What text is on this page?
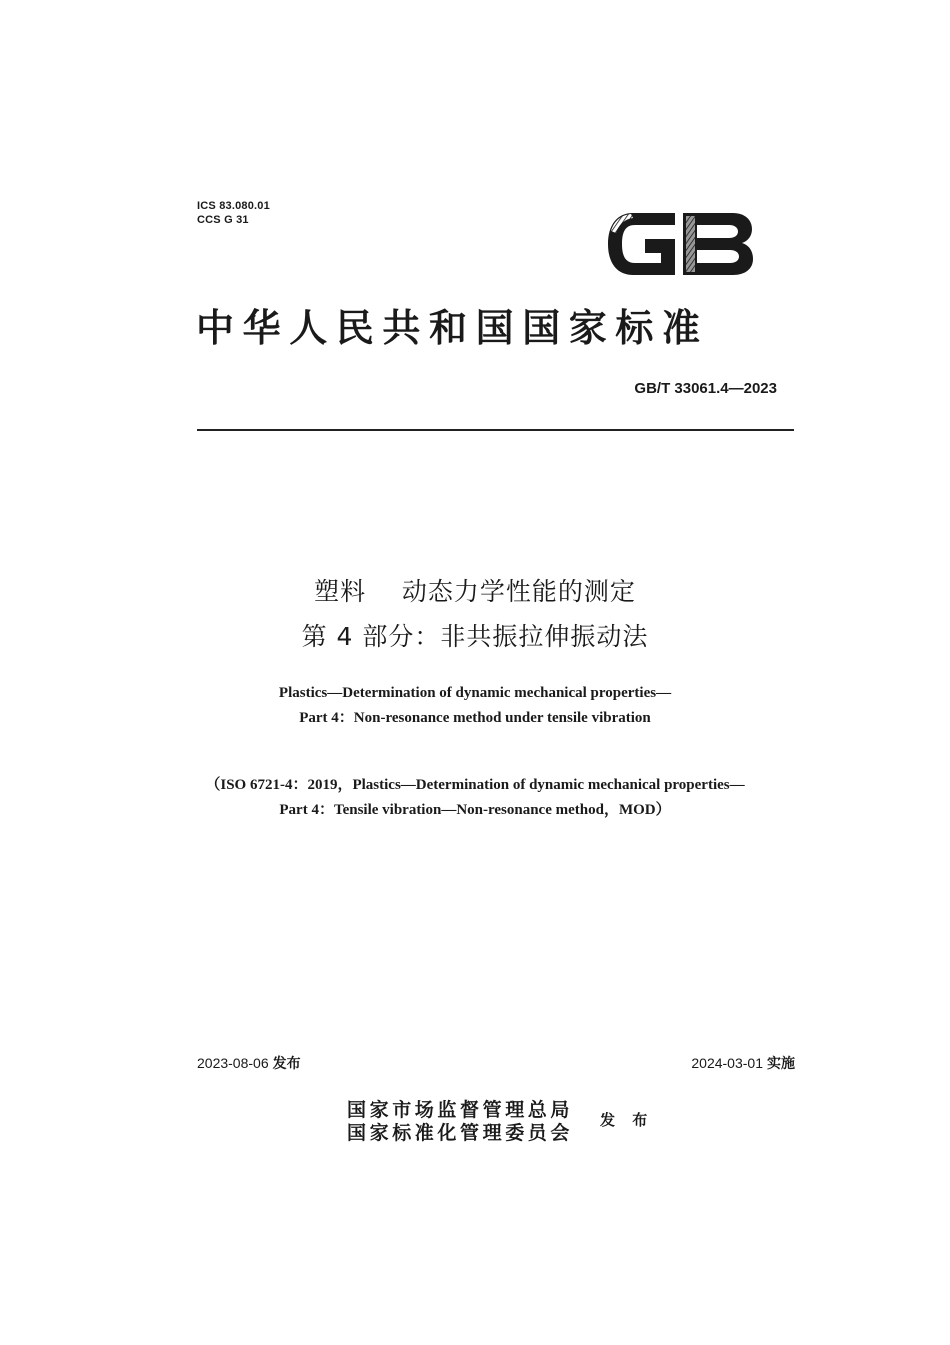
ICS 83.080.01
CCS G 31
GB
中华人民共和国国家标准
GB/T 33061.4—2023
塑料    动态力学性能的测定
第 4 部分：非共振拉伸振动法
Plastics—Determination of dynamic mechanical properties—
Part 4：Non-resonance method under tensile vibration
（ISO 6721-4：2019，Plastics—Determination of dynamic mechanical properties—
Part 4：Tensile vibration—Non-resonance method，MOD）
2023-08-06 发布	2024-03-01 实施
国家市场监督管理总局
国家标准化管理委员会
发 布
